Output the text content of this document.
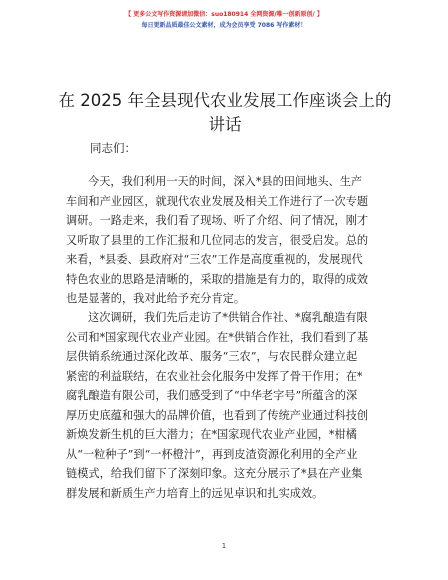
【 更多公文写作资源请加微信：suo180914 全网资源/唯一创新原创/ 】
每日更新品质最佳公文素材，成为会员享受 7086 写作素材！
在 2025 年全县现代农业发展工作座谈会上的讲话

同志们：

今天，我们利用一天的时间，深入*县的田间地头、生产
车间和产业园区，就现代农业发展及相关工作进行了一次专题
调研。一路走来，我们看了现场、听了介绍、问了情况，刚才
又听取了县里的工作汇报和几位同志的发言，很受启发。总的
来看，*县委、县政府对“三农”工作是高度重视的，发展现代
特色农业的思路是清晰的，采取的措施是有力的，取得的成效
也是显著的，我对此给予充分肯定。
这次调研，我们先后走访了*供销合作社、*腐乳酿造有限
公司和*国家现代农业产业园。在*供销合作社，我们看到了基
层供销系统通过深化改革、服务“三农”，与农民群众建立起
紧密的利益联结，在农业社会化服务中发挥了骨干作用；在*
腐乳酿造有限公司，我们感受到了“中华老字号”所蕴含的深
厚历史底蕴和强大的品牌价值，也看到了传统产业通过科技创
新焕发新生机的巨大潜力；在*国家现代农业产业园，*柑橘
从“一粒种子”到“一杯橙汁”，再到皮渣资源化利用的全产业
链模式，给我们留下了深刻印象。这充分展示了*县在产业集
群发展和新质生产力培育上的远见卓识和扎实成效。
1
